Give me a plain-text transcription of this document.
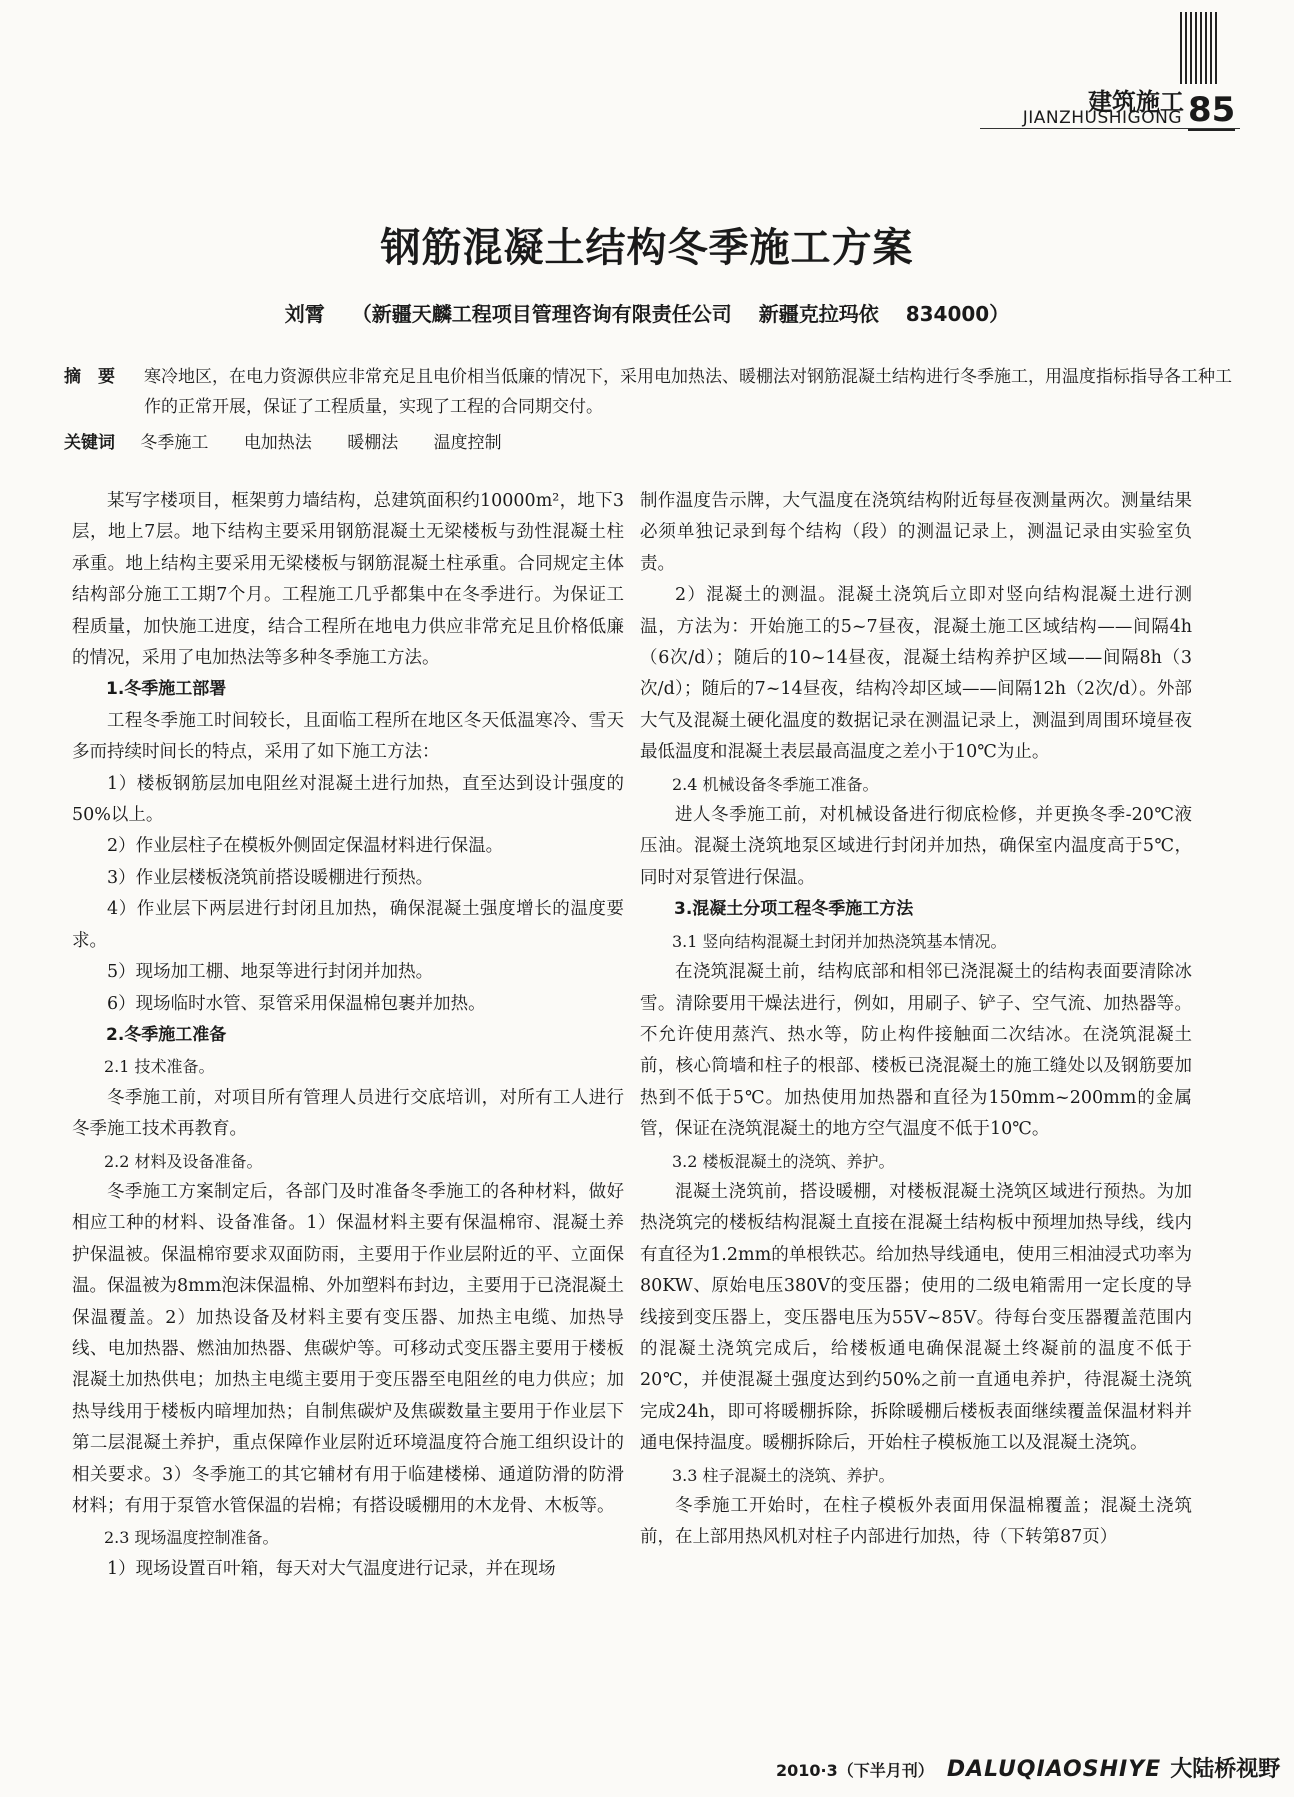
建筑施工
JIANZHUSHIGONG 85
钢筋混凝土结构冬季施工方案
刘霄 （新疆天麟工程项目管理咨询有限责任公司 新疆克拉玛依 834000）
摘　要	寒冷地区，在电力资源供应非常充足且电价相当低廉的情况下，采用电加热法、暖棚法对钢筋混凝土结构进行冬季施工，用温度指标指导各工种工作的正常开展，保证了工程质量，实现了工程的合同期交付。
关键词 冬季施工 电加热法 暖棚法 温度控制

某写字楼项目，框架剪力墙结构，总建筑面积约10000m²，地下3层，地上7层。地下结构主要采用钢筋混凝土无梁楼板与劲性混凝土柱承重。地上结构主要采用无梁楼板与钢筋混凝土柱承重。合同规定主体结构部分施工工期7个月。工程施工几乎都集中在冬季进行。为保证工程质量，加快施工进度，结合工程所在地电力供应非常充足且价格低廉的情况，采用了电加热法等多种冬季施工方法。

1.冬季施工部署

工程冬季施工时间较长，且面临工程所在地区冬天低温寒冷、雪天多而持续时间长的特点，采用了如下施工方法：

1）楼板钢筋层加电阻丝对混凝土进行加热，直至达到设计强度的50%以上。

2）作业层柱子在模板外侧固定保温材料进行保温。

3）作业层楼板浇筑前搭设暖棚进行预热。

4）作业层下两层进行封闭且加热，确保混凝土强度增长的温度要求。

5）现场加工棚、地泵等进行封闭并加热。

6）现场临时水管、泵管采用保温棉包裹并加热。

2.冬季施工准备

2.1 技术准备。

冬季施工前，对项目所有管理人员进行交底培训，对所有工人进行冬季施工技术再教育。

2.2 材料及设备准备。

冬季施工方案制定后，各部门及时准备冬季施工的各种材料，做好相应工种的材料、设备准备。1）保温材料主要有保温棉帘、混凝土养护保温被。保温棉帘要求双面防雨，主要用于作业层附近的平、立面保温。保温被为8mm泡沫保温棉、外加塑料布封边，主要用于已浇混凝土保温覆盖。2）加热设备及材料主要有变压器、加热主电缆、加热导线、电加热器、燃油加热器、焦碳炉等。可移动式变压器主要用于楼板混凝土加热供电；加热主电缆主要用于变压器至电阻丝的电力供应；加热导线用于楼板内暗埋加热；自制焦碳炉及焦碳数量主要用于作业层下第二层混凝土养护，重点保障作业层附近环境温度符合施工组织设计的相关要求。3）冬季施工的其它辅材有用于临建楼梯、通道防滑的防滑材料；有用于泵管水管保温的岩棉；有搭设暖棚用的木龙骨、木板等。

2.3 现场温度控制准备。

1）现场设置百叶箱，每天对大气温度进行记录，并在现场

制作温度告示牌，大气温度在浇筑结构附近每昼夜测量两次。测量结果必须单独记录到每个结构（段）的测温记录上，测温记录由实验室负责。

2）混凝土的测温。混凝土浇筑后立即对竖向结构混凝土进行测温，方法为：开始施工的5~7昼夜，混凝土施工区域结构——间隔4h（6次/d）；随后的10~14昼夜，混凝土结构养护区域——间隔8h（3次/d）；随后的7~14昼夜，结构冷却区域——间隔12h（2次/d）。外部大气及混凝土硬化温度的数据记录在测温记录上，测温到周围环境昼夜最低温度和混凝土表层最高温度之差小于10℃为止。

2.4 机械设备冬季施工准备。

进人冬季施工前，对机械设备进行彻底检修，并更换冬季-20℃液压油。混凝土浇筑地泵区域进行封闭并加热，确保室内温度高于5℃，同时对泵管进行保温。

3.混凝土分项工程冬季施工方法

3.1 竖向结构混凝土封闭并加热浇筑基本情况。

在浇筑混凝土前，结构底部和相邻已浇混凝土的结构表面要清除冰雪。清除要用干燥法进行，例如，用刷子、铲子、空气流、加热器等。不允许使用蒸汽、热水等，防止构件接触面二次结冰。在浇筑混凝土前，核心筒墙和柱子的根部、楼板已浇混凝土的施工缝处以及钢筋要加热到不低于5℃。加热使用加热器和直径为150mm~200mm的金属管，保证在浇筑混凝土的地方空气温度不低于10℃。

3.2 楼板混凝土的浇筑、养护。

混凝土浇筑前，搭设暖棚，对楼板混凝土浇筑区域进行预热。为加热浇筑完的楼板结构混凝土直接在混凝土结构板中预埋加热导线，线内有直径为1.2mm的单根铁芯。给加热导线通电，使用三相油浸式功率为80KW、原始电压380V的变压器；使用的二级电箱需用一定长度的导线接到变压器上，变压器电压为55V~85V。待每台变压器覆盖范围内的混凝土浇筑完成后，给楼板通电确保混凝土终凝前的温度不低于20℃，并使混凝土强度达到约50%之前一直通电养护，待混凝土浇筑完成24h，即可将暖棚拆除，拆除暖棚后楼板表面继续覆盖保温材料并通电保持温度。暖棚拆除后，开始柱子模板施工以及混凝土浇筑。

3.3 柱子混凝土的浇筑、养护。

冬季施工开始时，在柱子模板外表面用保温棉覆盖；混凝土浇筑前，在上部用热风机对柱子内部进行加热，待（下转第87页）

2010·3（下半月刊） DALUQIAOSHIYE 大陆桥视野
